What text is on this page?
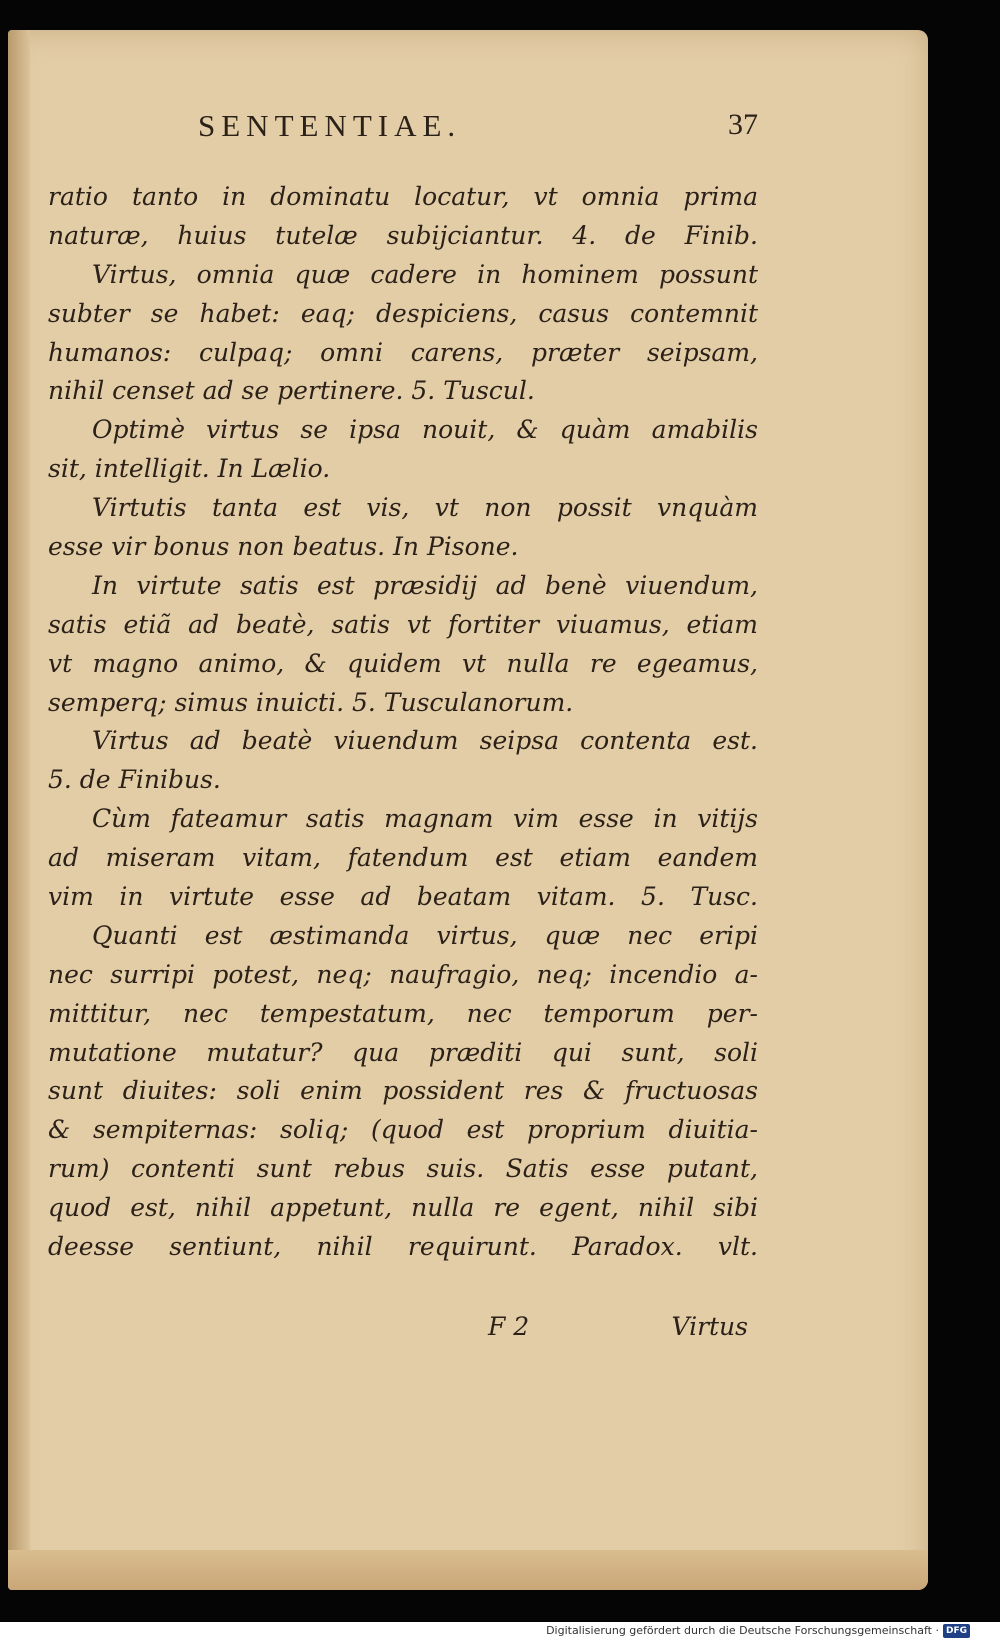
SENTENTIAE.	37
ratio tanto in dominatu locatur, vt omnia prima
naturæ, huius tutelæ subijciantur. 4. de Finib.
Virtus, omnia quæ cadere in hominem possunt
subter se habet: eaq; despiciens, casus contemnit
humanos: culpaq; omni carens, præter seipsam,
nihil censet ad se pertinere. 5. Tuscul.
Optimè virtus se ipsa nouit, & quàm amabilis
sit, intelligit. In Lælio.
Virtutis tanta est vis, vt non possit vnquàm
esse vir bonus non beatus. In Pisone.
In virtute satis est præsidij ad benè viuendum,
satis etiã ad beatè, satis vt fortiter viuamus, etiam
vt magno animo, & quidem vt nulla re egeamus,
semperq; simus inuicti. 5. Tusculanorum.
Virtus ad beatè viuendum seipsa contenta est.
5. de Finibus.
Cùm fateamur satis magnam vim esse in vitijs
ad miseram vitam, fatendum est etiam eandem
vim in virtute esse ad beatam vitam. 5. Tusc.
Quanti est æstimanda virtus, quæ nec eripi
nec surripi potest, neq; naufragio, neq; incendio a-
mittitur, nec tempestatum, nec temporum per-
mutatione mutatur? qua præditi qui sunt, soli
sunt diuites: soli enim possident res & fructuosas
& sempiternas: soliq; (quod est proprium diuitia-
rum) contenti sunt rebus suis. Satis esse putant,
quod est, nihil appetunt, nulla re egent, nihil sibi
deesse sentiunt, nihil requirunt. Paradox. vlt.
F 2	Virtus
Digitalisierung gefördert durch die Deutsche Forschungsgemeinschaft · DFG
